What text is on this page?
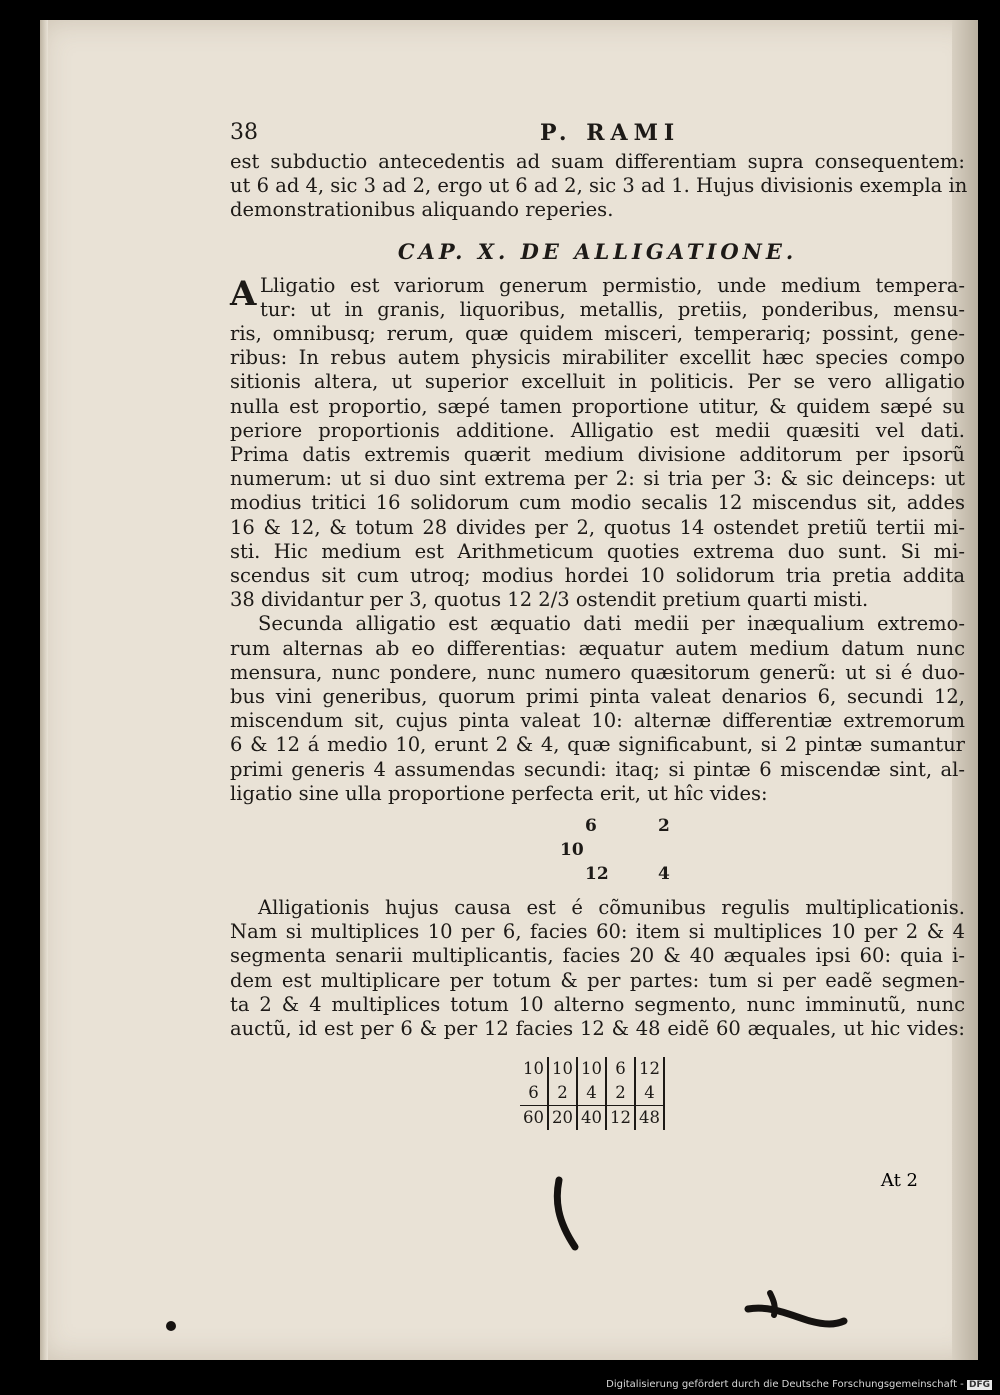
38	P. RAMI
est subductio antecedentis ad suam differentiam supra consequentem:
ut 6 ad 4, sic 3 ad 2, ergo ut 6 ad 2, sic 3 ad 1. Hujus divisionis exempla in
demonstrationibus aliquando reperies.
CAP. X. DE ALLIGATIONE.
A Lligatio est variorum generum permistio, unde medium tempera-
tur: ut in granis, liquoribus, metallis, pretiis, ponderibus, mensu-
ris, omnibusq; rerum, quæ quidem misceri, temperariq; possint, gene-
ribus: In rebus autem physicis mirabiliter excellit hæc species compo
sitionis altera, ut superior excelluit in politicis. Per se vero alligatio
nulla est proportio, sæpé tamen proportione utitur, & quidem sæpé su
periore proportionis additione. Alligatio est medii quæsiti vel dati.
Prima datis extremis quærit medium divisione additorum per ipsorũ
numerum: ut si duo sint extrema per 2: si tria per 3: & sic deinceps: ut
modius tritici 16 solidorum cum modio secalis 12 miscendus sit, addes
16 & 12, & totum 28 divides per 2, quotus 14 ostendet pretiũ tertii mi-
sti. Hic medium est Arithmeticum quoties extrema duo sunt. Si mi-
scendus sit cum utroq; modius hordei 10 solidorum tria pretia addita
38 dividantur per 3, quotus 12 2/3 ostendit pretium quarti misti.
Secunda alligatio est æquatio dati medii per inæqualium extremo-
rum alternas ab eo differentias: æquatur autem medium datum nunc
mensura, nunc pondere, nunc numero quæsitorum generũ: ut si é duo-
bus vini generibus, quorum primi pinta valeat denarios 6, secundi 12,
miscendum sit, cujus pinta valeat 10: alternæ differentiæ extremorum
6 & 12 á medio 10, erunt 2 & 4, quæ significabunt, si 2 pintæ sumantur
primi generis 4 assumendas secundi: itaq; si pintæ 6 miscendæ sint, al-
ligatio sine ulla proportione perfecta erit, ut hîc vides:
6	2
10
12	4
Alligationis hujus causa est é cõmunibus regulis multiplicationis.
Nam si multiplices 10 per 6, facies 60: item si multiplices 10 per 2 & 4
segmenta senarii multiplicantis, facies 20 & 40 æquales ipsi 60: quia i-
dem est multiplicare per totum & per partes: tum si per eadẽ segmen-
ta 2 & 4 multiplices totum 10 alterno segmento, nunc imminutũ, nunc
auctũ, id est per 6 & per 12 facies 12 & 48 eidẽ 60 æquales, ut hic vides:
10	10	10	6	12
6	2	4	2	4
60	20	40	12	48
At 2
Digitalisierung gefördert durch die Deutsche Forschungsgemeinschaft - DFG
